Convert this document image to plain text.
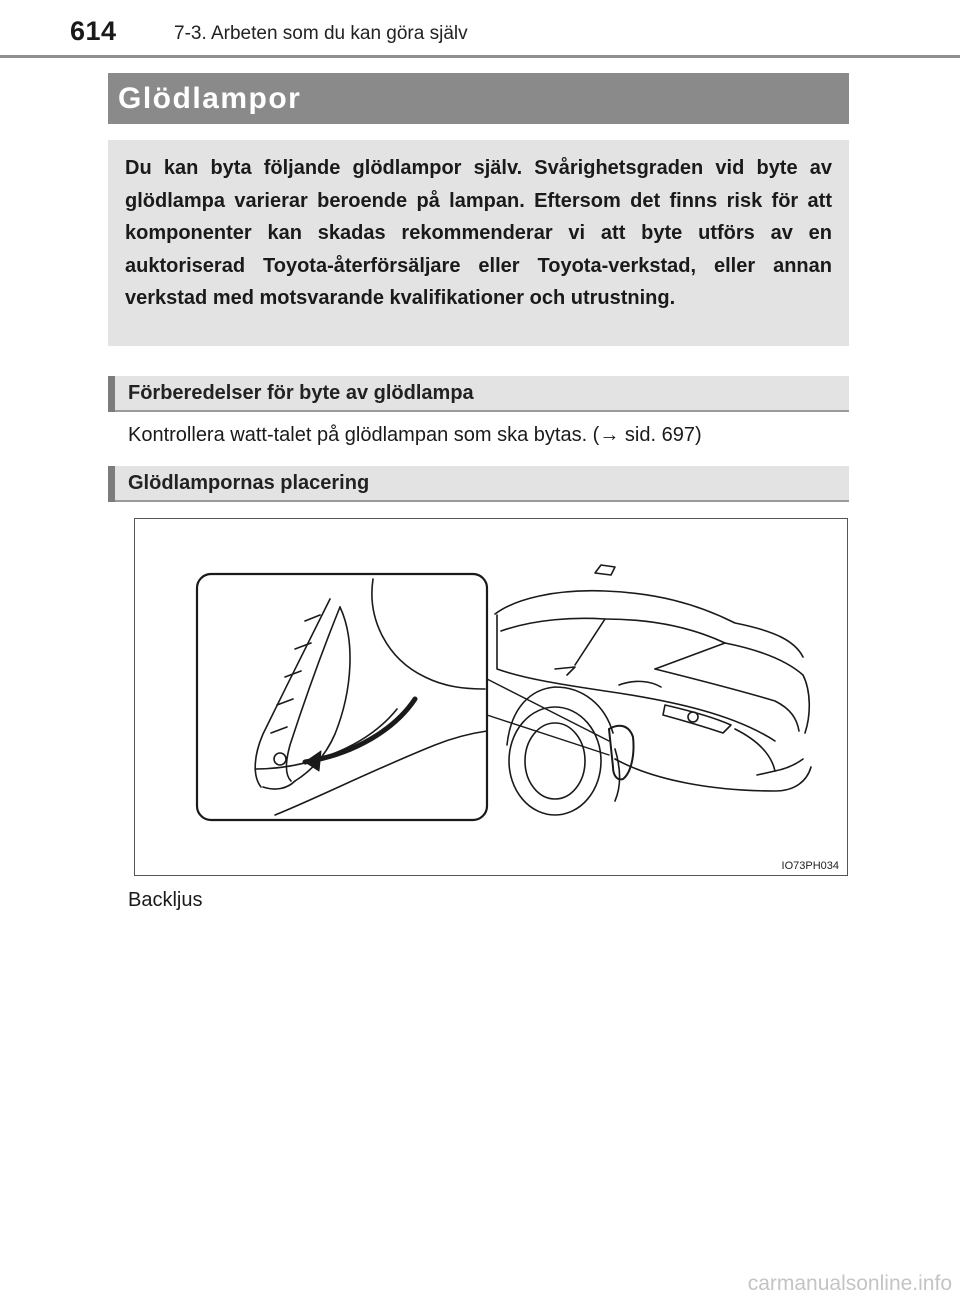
614	7-3. Arbeten som du kan göra själv
Glödlampor

Du kan byta följande glödlampor själv. Svårighetsgraden vid byte av glödlampa varierar beroende på lampan. Eftersom det finns risk för att komponenter kan skadas rekommenderar vi att byte utförs av en auktoriserad Toyota-återförsäljare eller Toyota-verkstad, eller annan verkstad med motsvarande kvalifikationer och utrustning.

Förberedelser för byte av glödlampa
Kontrollera watt-talet på glödlampan som ska bytas. (→ sid. 697)
Glödlampornas placering
IO73PH034
Backljus
carmanualsonline.info
